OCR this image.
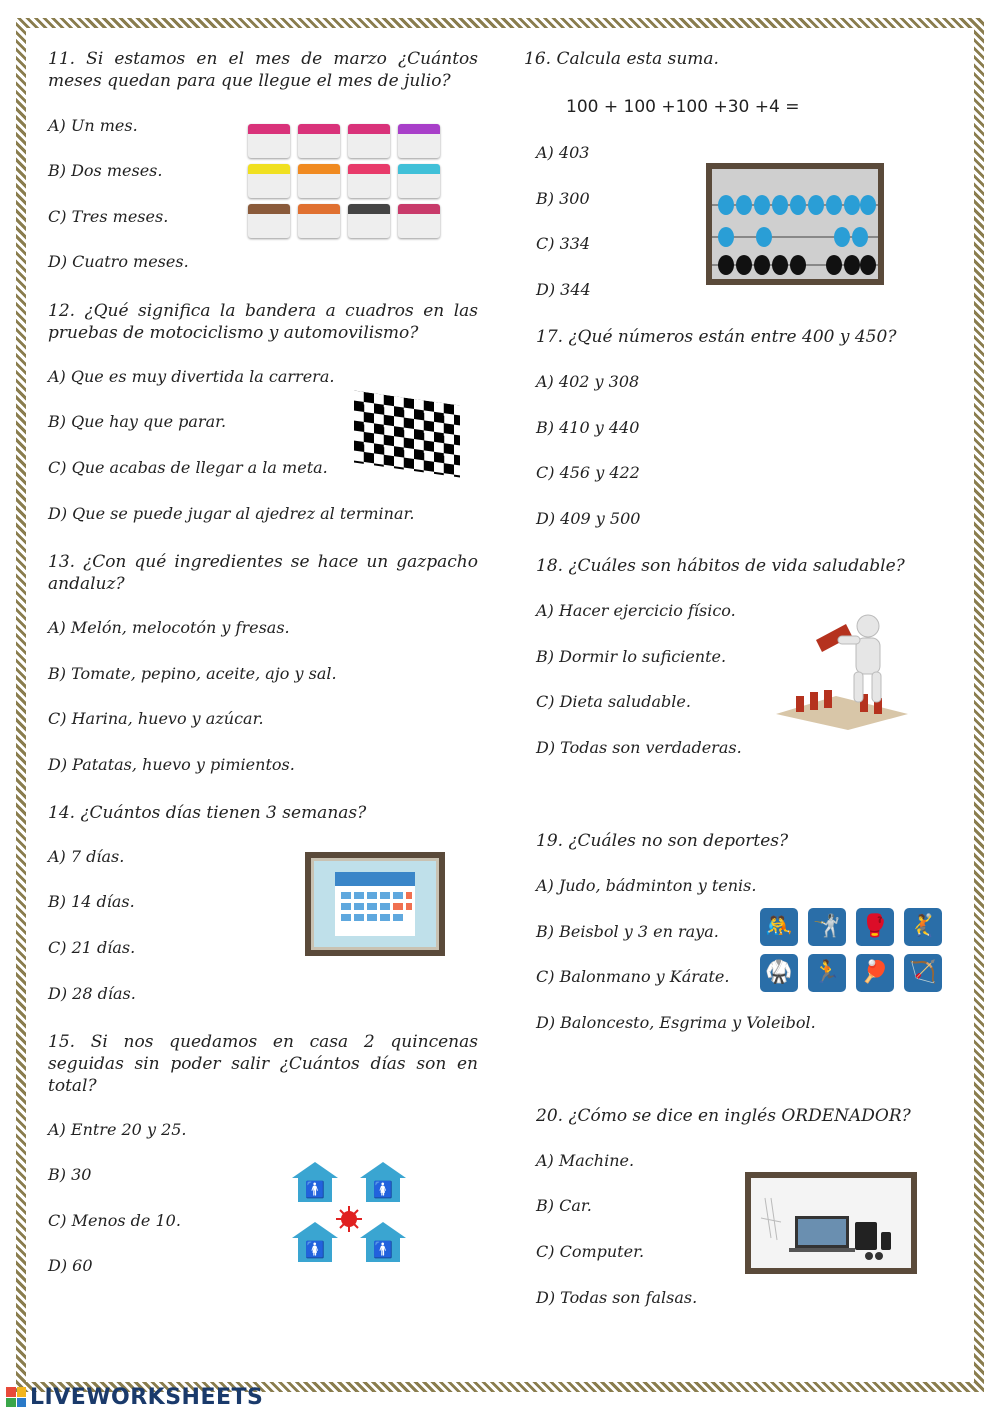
11. Si estamos en el mes de marzo ¿Cuántos meses quedan para que llegue el mes de julio?
A) Un mes.
B) Dos meses.
C) Tres meses.
D) Cuatro meses.
12. ¿Qué significa la bandera a cuadros en las pruebas de motociclismo y automovilismo?
A) Que es muy divertida la carrera.
B) Que hay que parar.
C) Que acabas de llegar a la meta.
D) Que se puede jugar al ajedrez al terminar.
13. ¿Con qué ingredientes se hace un gazpacho andaluz?
A) Melón, melocotón y fresas.
B) Tomate, pepino, aceite, ajo y sal.
C) Harina, huevo y azúcar.
D) Patatas, huevo y pimientos.
14. ¿Cuántos días tienen 3 semanas?
A) 7 días.
B) 14 días.
C) 21 días.
D) 28 días.
15. Si nos quedamos en casa 2 quincenas seguidas sin poder salir ¿Cuántos días son en total?
A) Entre 20 y 25.
B) 30
C) Menos de 10.
D) 60
🚹	🚺
🚺	🚹
16. Calcula esta suma.
100 + 100 +100 +30 +4 =
A) 403
B) 300
C) 334
D) 344
17. ¿Qué números están entre 400 y 450?
A) 402 y 308
B) 410 y 440
C) 456 y 422
D) 409 y 500
18. ¿Cuáles son hábitos de vida saludable?
A) Hacer ejercicio físico.
B) Dormir lo suficiente.
C) Dieta saludable.
D) Todas son verdaderas.
19. ¿Cuáles no son deportes?
A) Judo, bádminton y tenis.
B) Beisbol y 3 en raya.
C) Balonmano y Kárate.
D) Baloncesto, Esgrima y Voleibol.
🤼 🤺 🥊 🤾
🥋 🏃 🏓 🏹
20. ¿Cómo se dice en inglés ORDENADOR?
A) Machine.
B) Car.
C) Computer.
D) Todas son falsas.
LIVEWORKSHEETS
